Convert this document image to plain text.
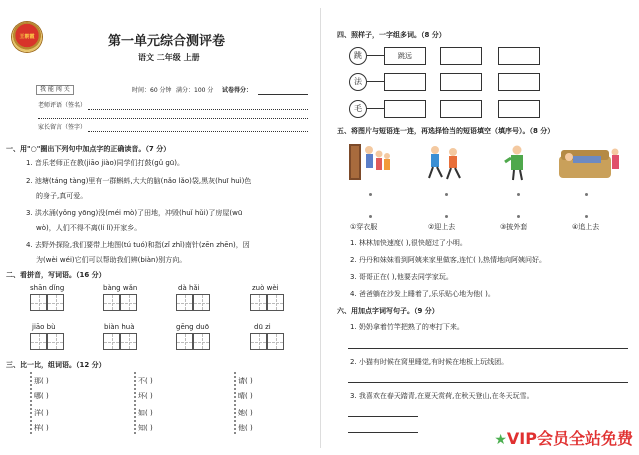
王朝霞	第一单元综合测评卷
语文 二年级 上册
我 能 闯 关	时间：60 分钟 满分：100 分 试卷得分：
老师评语（签名）
家长留言（签字）
一、用"○"圈出下列句中加点字的正确读音。（7 分）
1. 音乐老师正在教(jiāo jiào)同学们打鼓(gǔ gū)。
2. 池塘(táng tàng)里有一群蝌蚪,大大的脑(nǎo lǎo)袋,黑灰(huī huì)色
的身子,真可爱。
3. 洪水涌(yǒng yōng)没(méi mò)了田地，冲毁(huǐ hǔi)了房屋(wū
wò)，人们不得不离(lí lǐ)开家乡。
4. 去野外探险,我们要带上地图(tú tuó)和指(zǐ zhǐ)南针(zēn zhēn)，因
为(wèi wéi)它们可以帮助我们辨(biàn)别方向。
二、看拼音，写词语。（16 分）
shān dǐng	bàng wǎn	dà hǎi	zuò wèi
jiāo bù	biàn huà	gēng duō	dū zi
三、比一比，组词语。（12 分）
那( )
哪( )
洋( )
样( )
不( )
坏( )
如( )
知( )
请( )
晴( )
她( )
他( )
四、照样子，一字组多词。（8 分）
跳	跳远
法
毛
五、将图片与短语连一连，再选择恰当的短语填空（填序号）。（8 分）
①穿衣服	②迎上去	③披外套	④追上去
1. 林林加快速度( ),很快超过了小明。
2. 丹丹和妹妹看到阿姨来家里做客,连忙( ),热情地向阿姨问好。
3. 哥哥正在( ),他要去同学家玩。
4. 爸爸躺在沙发上睡着了,乐乐贴心地为他( )。
六、用加点字词写句子。（9 分）
1. 奶奶拿着竹竿把熟了的枣打下来。
2. 小猫有时候在窝里睡觉,有时候在地板上玩线团。
3. 我喜欢在春天踏青,在夏天赏荷,在秋天登山,在冬天玩雪。
★VIP会员全站免费
